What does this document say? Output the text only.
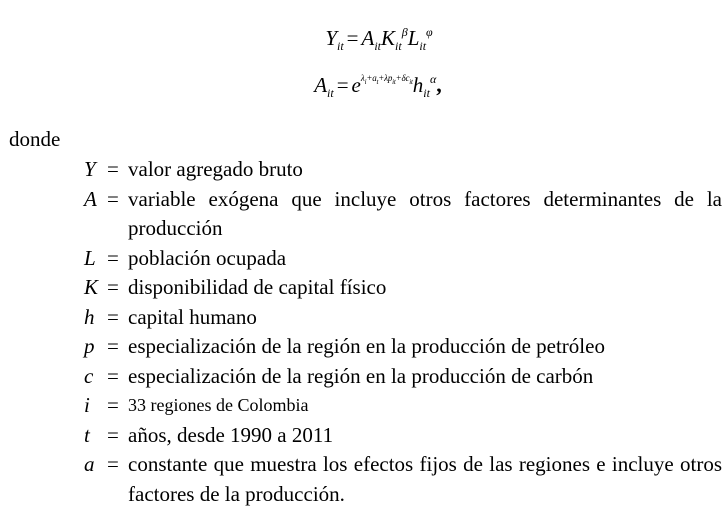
$Y_{it} = A_{it}K_{it}^\beta L_{it}^\varphi$
$A_{it} = e^{\lambda_i+a_t+\lambda p_{it}+\delta c_{it}}h_{it}^\alpha$,
donde
Y = valor agregado bruto
A = variable exógena que incluye otros factores determinantes de la producción
L = población ocupada
K = disponibilidad de capital físico
h = capital humano
p = especialización de la región en la producción de petróleo
c = especialización de la región en la producción de carbón
i = 33 regiones de Colombia
t = años, desde 1990 a 2011
a = constante que muestra los efectos fijos de las regiones e incluye otros factores de la producción.
